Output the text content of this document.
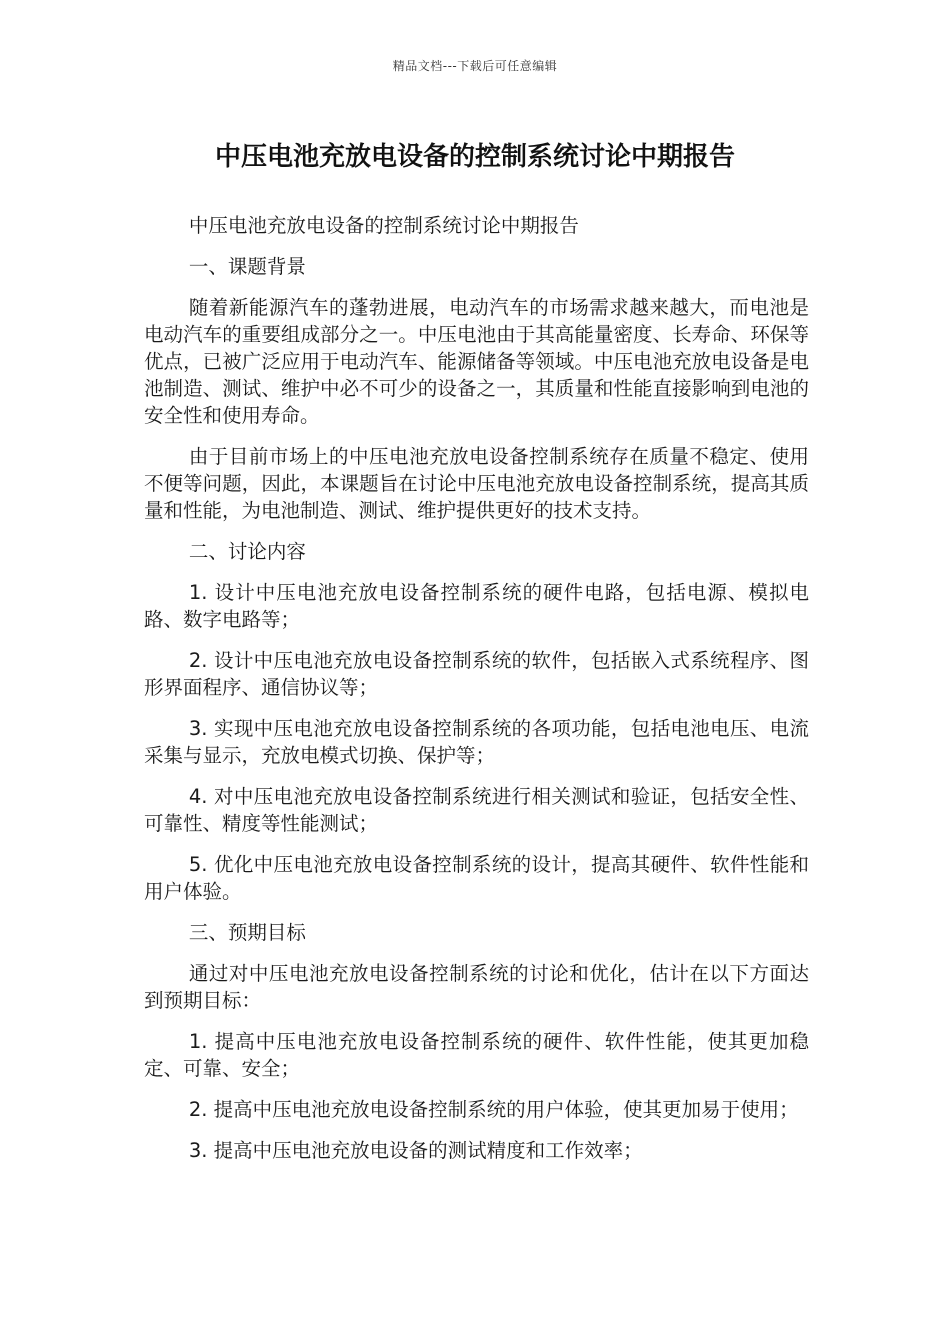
精品文档---下载后可任意编辑
中压电池充放电设备的控制系统讨论中期报告

中压电池充放电设备的控制系统讨论中期报告

一、课题背景

随着新能源汽车的蓬勃进展，电动汽车的市场需求越来越大，而电池是电动汽车的重要组成部分之一。中压电池由于其高能量密度、长寿命、环保等优点，已被广泛应用于电动汽车、能源储备等领域。中压电池充放电设备是电池制造、测试、维护中必不可少的设备之一，其质量和性能直接影响到电池的安全性和使用寿命。

由于目前市场上的中压电池充放电设备控制系统存在质量不稳定、使用不便等问题，因此，本课题旨在讨论中压电池充放电设备控制系统，提高其质量和性能，为电池制造、测试、维护提供更好的技术支持。

二、讨论内容

1. 设计中压电池充放电设备控制系统的硬件电路，包括电源、模拟电路、数字电路等；

2. 设计中压电池充放电设备控制系统的软件，包括嵌入式系统程序、图形界面程序、通信协议等；

3. 实现中压电池充放电设备控制系统的各项功能，包括电池电压、电流采集与显示，充放电模式切换、保护等；

4. 对中压电池充放电设备控制系统进行相关测试和验证，包括安全性、可靠性、精度等性能测试；

5. 优化中压电池充放电设备控制系统的设计，提高其硬件、软件性能和用户体验。

三、预期目标

通过对中压电池充放电设备控制系统的讨论和优化，估计在以下方面达到预期目标：

1. 提高中压电池充放电设备控制系统的硬件、软件性能，使其更加稳定、可靠、安全；

2. 提高中压电池充放电设备控制系统的用户体验，使其更加易于使用；

3. 提高中压电池充放电设备的测试精度和工作效率；
